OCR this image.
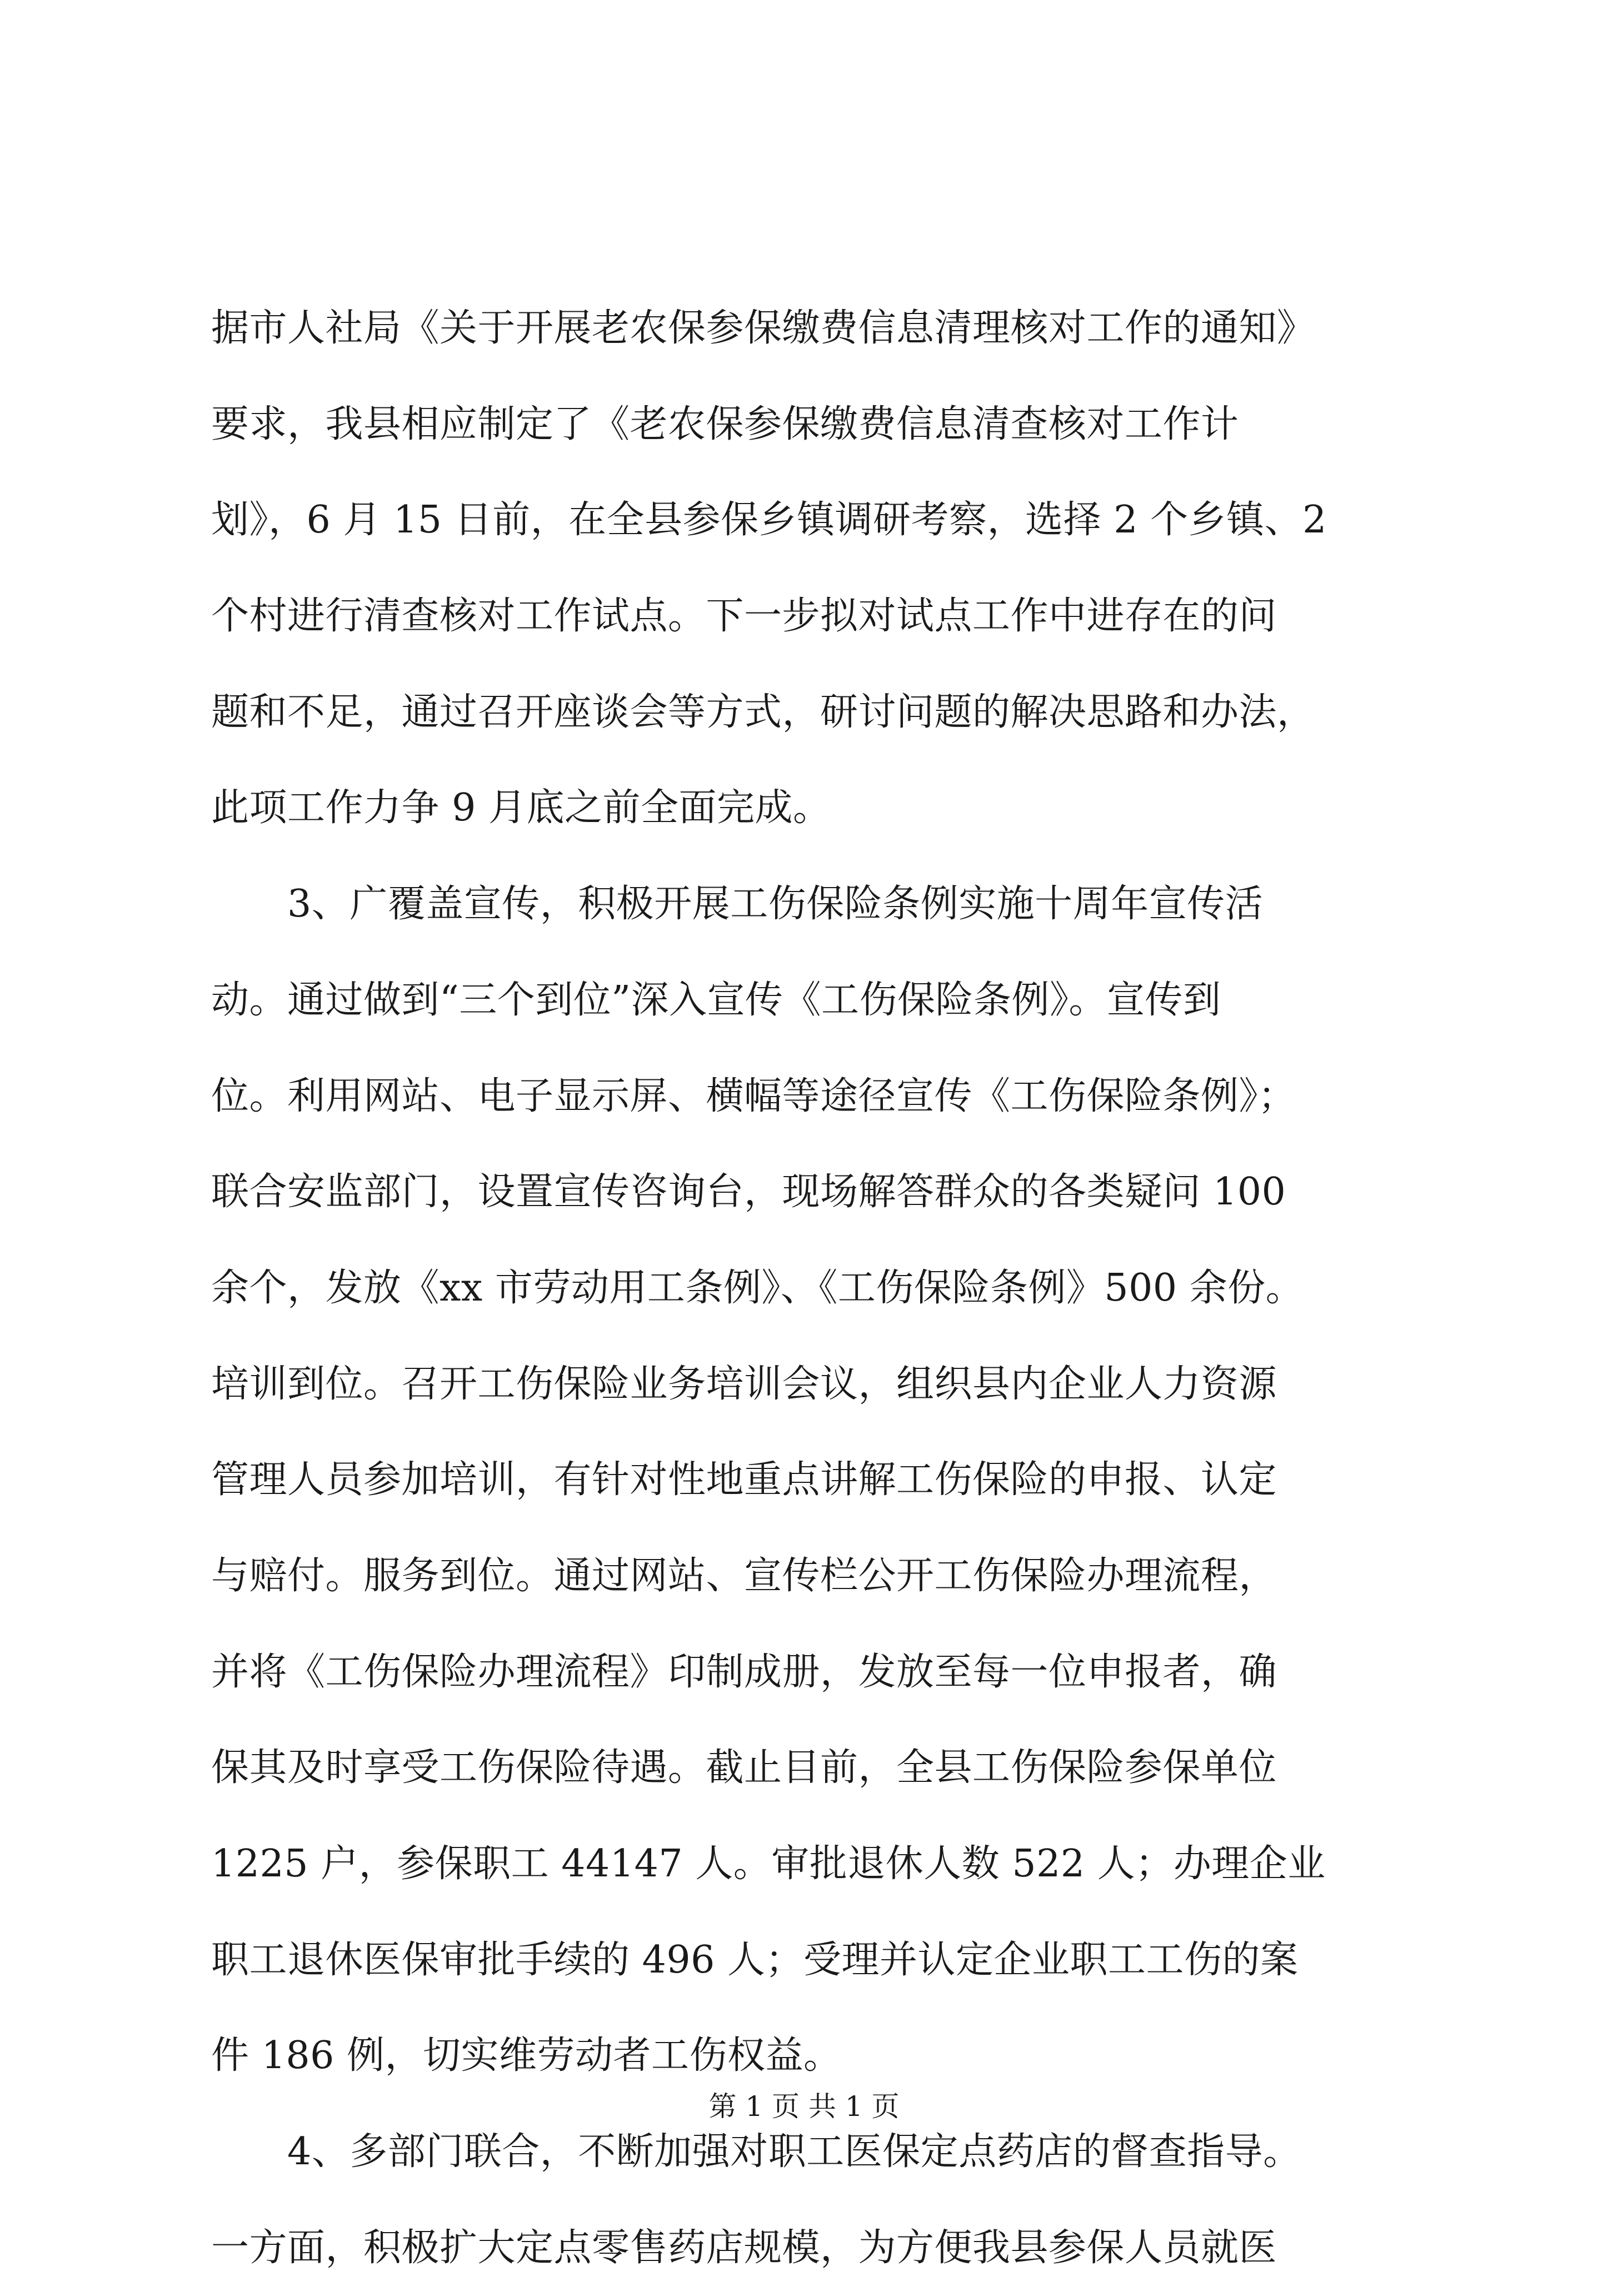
据市人社局《关于开展老农保参保缴费信息清理核对工作的通知》
要求，我县相应制定了《老农保参保缴费信息清查核对工作计
划》，6 月 15 日前，在全县参保乡镇调研考察，选择 2 个乡镇、2
个村进行清查核对工作试点。下一步拟对试点工作中进存在的问
题和不足，通过召开座谈会等方式，研讨问题的解决思路和办法，
此项工作力争 9 月底之前全面完成。
　　3、广覆盖宣传，积极开展工伤保险条例实施十周年宣传活
动。通过做到“三个到位”深入宣传《工伤保险条例》。宣传到
位。利用网站、电子显示屏、横幅等途径宣传《工伤保险条例》；
联合安监部门，设置宣传咨询台，现场解答群众的各类疑问 100
余个，发放《xx 市劳动用工条例》、《工伤保险条例》500 余份。
培训到位。召开工伤保险业务培训会议，组织县内企业人力资源
管理人员参加培训，有针对性地重点讲解工伤保险的申报、认定
与赔付。服务到位。通过网站、宣传栏公开工伤保险办理流程，
并将《工伤保险办理流程》印制成册，发放至每一位申报者，确
保其及时享受工伤保险待遇。截止目前，全县工伤保险参保单位
1225 户，参保职工 44147 人。审批退休人数 522 人；办理企业
职工退休医保审批手续的 496 人；受理并认定企业职工工伤的案
件 186 例，切实维劳动者工伤权益。
　　4、多部门联合，不断加强对职工医保定点药店的督查指导。
一方面，积极扩大定点零售药店规模，为方便我县参保人员就医
第 1 页 共 1 页
